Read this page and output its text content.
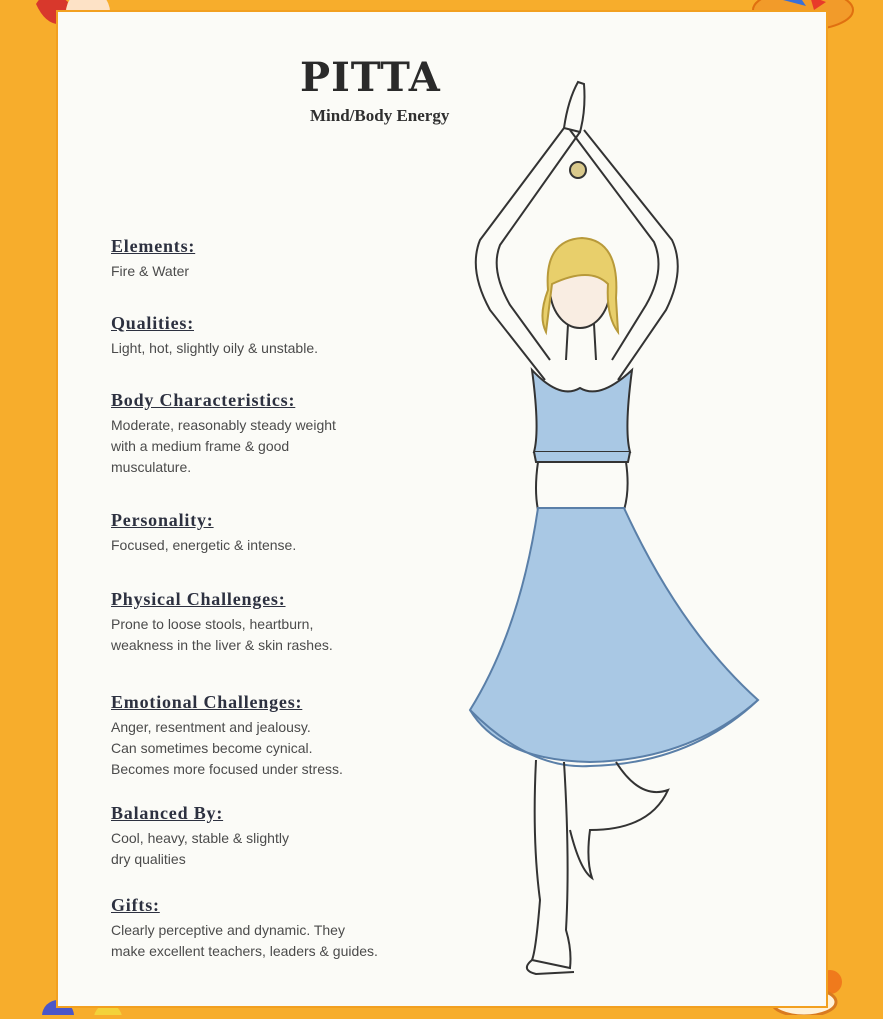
PITTA
Mind/Body Energy
Elements:

Fire & Water

Qualities:

Light, hot, slightly oily & unstable.

Body Characteristics:

Moderate, reasonably steady weight
with a medium frame & good
musculature.

Personality:

Focused, energetic & intense.

Physical Challenges:

Prone to loose stools, heartburn,
weakness in the liver & skin rashes.

Emotional Challenges:

Anger, resentment and jealousy.
Can sometimes become cynical.
Becomes more focused under stress.

Balanced By:

Cool, heavy, stable & slightly
dry qualities

Gifts:

Clearly perceptive and dynamic. They
make excellent teachers, leaders & guides.
